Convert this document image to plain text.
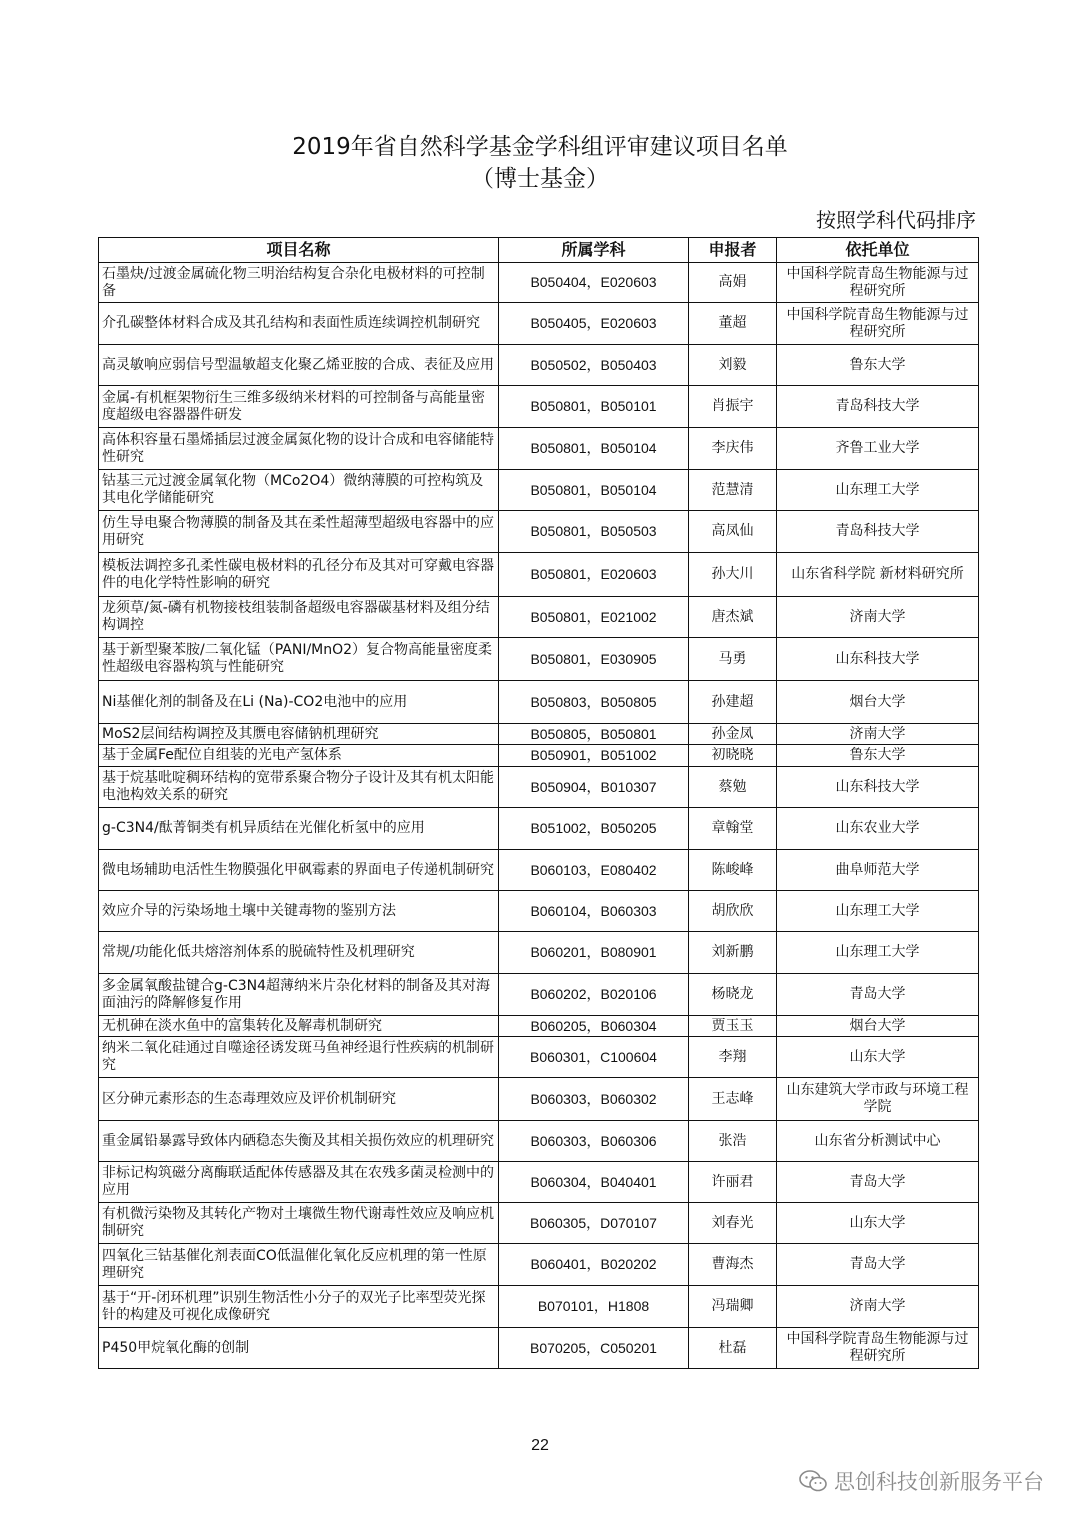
2019年省自然科学基金学科组评审建议项目名单
（博士基金）
按照学科代码排序
项目名称	所属学科	申报者	依托单位
石墨炔/过渡金属硫化物三明治结构复合杂化电极材料的可控制备	B050404，E020603	高娟	中国科学院青岛生物能源与过程研究所
介孔碳整体材料合成及其孔结构和表面性质连续调控机制研究	B050405，E020603	董超	中国科学院青岛生物能源与过程研究所
高灵敏响应弱信号型温敏超支化聚乙烯亚胺的合成、表征及应用	B050502，B050403	刘毅	鲁东大学
金属-有机框架物衍生三维多级纳米材料的可控制备与高能量密度超级电容器器件研发	B050801，B050101	肖振宇	青岛科技大学
高体积容量石墨烯插层过渡金属氮化物的设计合成和电容储能特性研究	B050801，B050104	李庆伟	齐鲁工业大学
钴基三元过渡金属氧化物（MCo2O4）微纳薄膜的可控构筑及其电化学储能研究	B050801，B050104	范慧清	山东理工大学
仿生导电聚合物薄膜的制备及其在柔性超薄型超级电容器中的应用研究	B050801，B050503	高凤仙	青岛科技大学
模板法调控多孔柔性碳电极材料的孔径分布及其对可穿戴电容器件的电化学特性影响的研究	B050801，E020603	孙大川	山东省科学院 新材料研究所
龙须草/氮-磷有机物接枝组装制备超级电容器碳基材料及组分结构调控	B050801，E021002	唐杰斌	济南大学
基于新型聚苯胺/二氧化锰（PANI/MnO2）复合物高能量密度柔性超级电容器构筑与性能研究	B050801，E030905	马勇	山东科技大学
Ni基催化剂的制备及在Li (Na)-CO2电池中的应用	B050803，B050805	孙建超	烟台大学
MoS2层间结构调控及其赝电容储钠机理研究	B050805，B050801	孙金凤	济南大学
基于金属Fe配位自组装的光电产氢体系	B050901，B051002	初晓晓	鲁东大学
基于烷基吡啶稠环结构的宽带系聚合物分子设计及其有机太阳能电池构效关系的研究	B050904，B010307	蔡勉	山东科技大学
g-C3N4/酞菁铜类有机异质结在光催化析氢中的应用	B051002，B050205	章翰堂	山东农业大学
微电场辅助电活性生物膜强化甲砜霉素的界面电子传递机制研究	B060103，E080402	陈峻峰	曲阜师范大学
效应介导的污染场地土壤中关键毒物的鉴别方法	B060104，B060303	胡欣欣	山东理工大学
常规/功能化低共熔溶剂体系的脱硫特性及机理研究	B060201，B080901	刘新鹏	山东理工大学
多金属氧酸盐键合g-C3N4超薄纳米片杂化材料的制备及其对海面油污的降解修复作用	B060202，B020106	杨晓龙	青岛大学
无机砷在淡水鱼中的富集转化及解毒机制研究	B060205，B060304	贾玉玉	烟台大学
纳米二氧化硅通过自噬途径诱发斑马鱼神经退行性疾病的机制研究	B060301，C100604	李翔	山东大学
区分砷元素形态的生态毒理效应及评价机制研究	B060303，B060302	王志峰	山东建筑大学市政与环境工程学院
重金属铅暴露导致体内硒稳态失衡及其相关损伤效应的机理研究	B060303，B060306	张浩	山东省分析测试中心
非标记构筑磁分离酶联适配体传感器及其在农残多菌灵检测中的应用	B060304，B040401	许丽君	青岛大学
有机微污染物及其转化产物对土壤微生物代谢毒性效应及响应机制研究	B060305，D070107	刘春光	山东大学
四氧化三钴基催化剂表面CO低温催化氧化反应机理的第一性原理研究	B060401，B020202	曹海杰	青岛大学
基于“开-闭环机理”识别生物活性小分子的双光子比率型荧光探针的构建及可视化成像研究	B070101，H1808	冯瑞卿	济南大学
P450甲烷氧化酶的创制	B070205，C050201	杜磊	中国科学院青岛生物能源与过程研究所
22
思创科技创新服务平台
